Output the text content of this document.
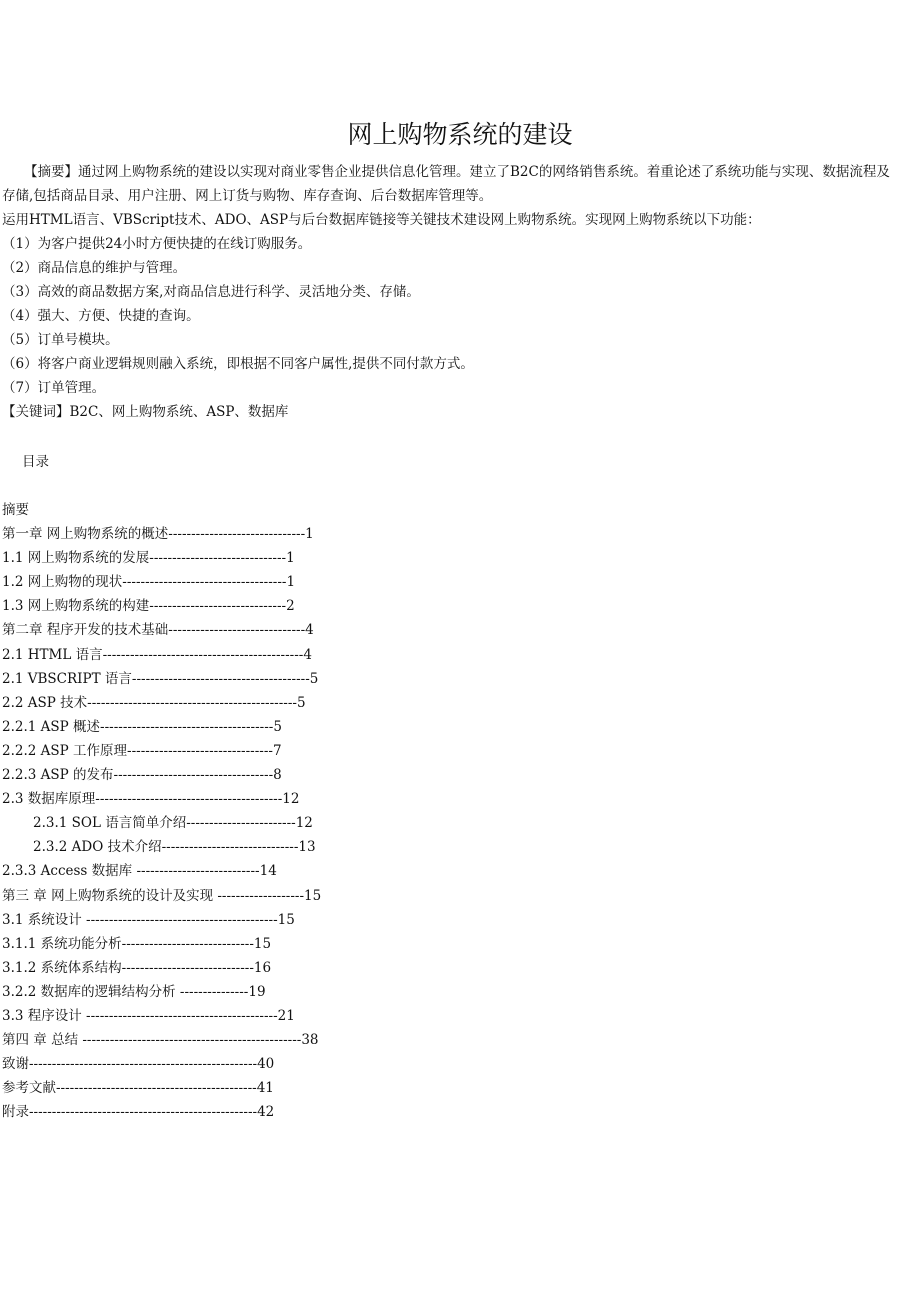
网上购物系统的建设

【摘要】通过网上购物系统的建设以实现对商业零售企业提供信息化管理。建立了B2C的网络销售系统。着重论述了系统功能与实现、数据流程及存储,包括商品目录、用户注册、网上订货与购物、库存查询、后台数据库管理等。

运用HTML语言、VBScript技术、ADO、ASP与后台数据库链接等关键技术建设网上购物系统。实现网上购物系统以下功能：

（1）为客户提供24小时方便快捷的在线订购服务。

（2）商品信息的维护与管理。

（3）高效的商品数据方案,对商品信息进行科学、灵活地分类、存储。

（4）强大、方便、快捷的查询。

（5）订单号模块。

（6）将客户商业逻辑规则融入系统，即根据不同客户属性,提供不同付款方式。

（7）订单管理。

【关键词】B2C、网上购物系统、ASP、数据库

目录

摘要

第一章 网上购物系统的概述------------------------------1

1.1 网上购物系统的发展------------------------------1

1.2 网上购物的现状------------------------------------1

1.3 网上购物系统的构建------------------------------2

第二章 程序开发的技术基础------------------------------4

2.1 HTML 语言--------------------------------------------4

2.1 VBSCRIPT 语言---------------------------------------5

2.2 ASP 技术----------------------------------------------5

2.2.1 ASP 概述--------------------------------------5

2.2.2 ASP 工作原理--------------------------------7

2.2.3 ASP 的发布-----------------------------------8

2.3 数据库原理-----------------------------------------12

2.3.1 SOL 语言简单介绍------------------------12

2.3.2 ADO 技术介绍------------------------------13

2.3.3 Access 数据库 ---------------------------14

第三 章 网上购物系统的设计及实现 -------------------15

3.1 系统设计 ------------------------------------------15

3.1.1 系统功能分析-----------------------------15

3.1.2 系统体系结构-----------------------------16

3.2.2 数据库的逻辑结构分析 ---------------19

3.3 程序设计 ------------------------------------------21

第四 章 总结 ------------------------------------------------38

致谢--------------------------------------------------40

参考文献--------------------------------------------41

附录--------------------------------------------------42
